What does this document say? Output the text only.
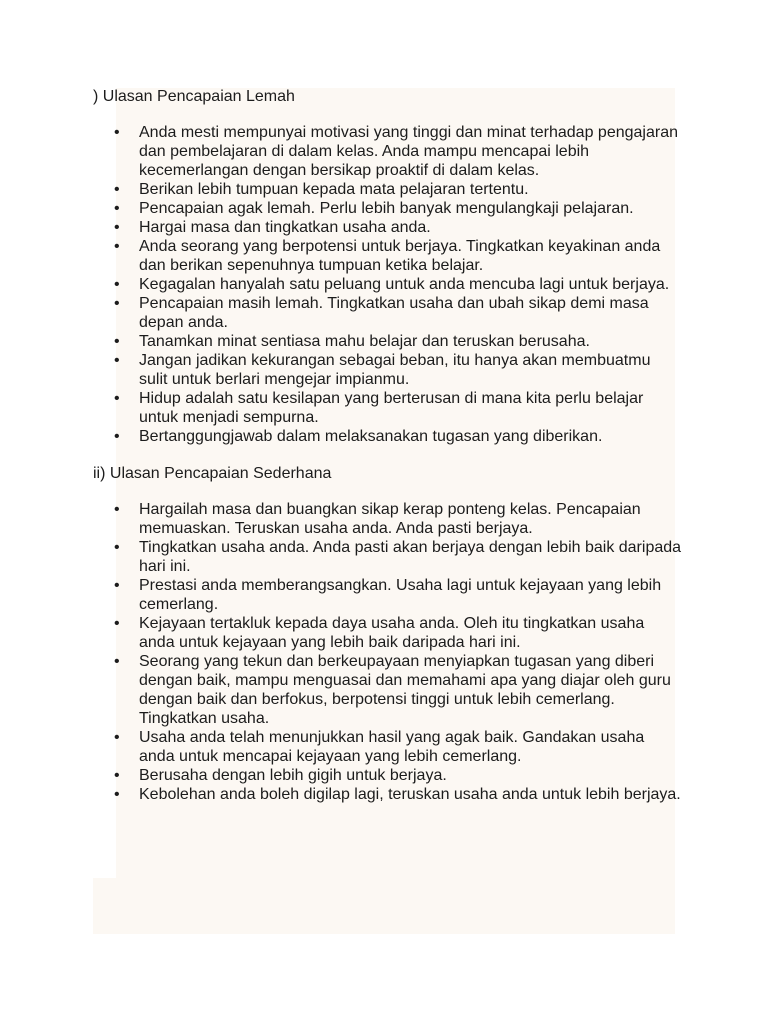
) Ulasan Pencapaian Lemah
• Anda mesti mempunyai motivasi yang tinggi dan minat terhadap pengajaran dan pembelajaran di dalam kelas. Anda mampu mencapai lebih kecemerlangan dengan bersikap proaktif di dalam kelas.
• Berikan lebih tumpuan kepada mata pelajaran tertentu.
• Pencapaian agak lemah. Perlu lebih banyak mengulangkaji pelajaran.
• Hargai masa dan tingkatkan usaha anda.
• Anda seorang yang berpotensi untuk berjaya. Tingkatkan keyakinan anda dan berikan sepenuhnya tumpuan ketika belajar.
• Kegagalan hanyalah satu peluang untuk anda mencuba lagi untuk berjaya.
• Pencapaian masih lemah. Tingkatkan usaha dan ubah sikap demi masa depan anda.
• Tanamkan minat sentiasa mahu belajar dan teruskan berusaha.
• Jangan jadikan kekurangan sebagai beban, itu hanya akan membuatmu sulit untuk berlari mengejar impianmu.
• Hidup adalah satu kesilapan yang berterusan di mana kita perlu belajar untuk menjadi sempurna.
• Bertanggungjawab dalam melaksanakan tugasan yang diberikan.
ii) Ulasan Pencapaian Sederhana
• Hargailah masa dan buangkan sikap kerap ponteng kelas. Pencapaian memuaskan. Teruskan usaha anda. Anda pasti berjaya.
• Tingkatkan usaha anda. Anda pasti akan berjaya dengan lebih baik daripada hari ini.
• Prestasi anda memberangsangkan. Usaha lagi untuk kejayaan yang lebih cemerlang.
• Kejayaan tertakluk kepada daya usaha anda. Oleh itu tingkatkan usaha anda untuk kejayaan yang lebih baik daripada hari ini.
• Seorang yang tekun dan berkeupayaan menyiapkan tugasan yang diberi dengan baik, mampu menguasai dan memahami apa yang diajar oleh guru dengan baik dan berfokus, berpotensi tinggi untuk lebih cemerlang. Tingkatkan usaha.
• Usaha anda telah menunjukkan hasil yang agak baik. Gandakan usaha anda untuk mencapai kejayaan yang lebih cemerlang.
• Berusaha dengan lebih gigih untuk berjaya.
• Kebolehan anda boleh digilap lagi, teruskan usaha anda untuk lebih berjaya.
